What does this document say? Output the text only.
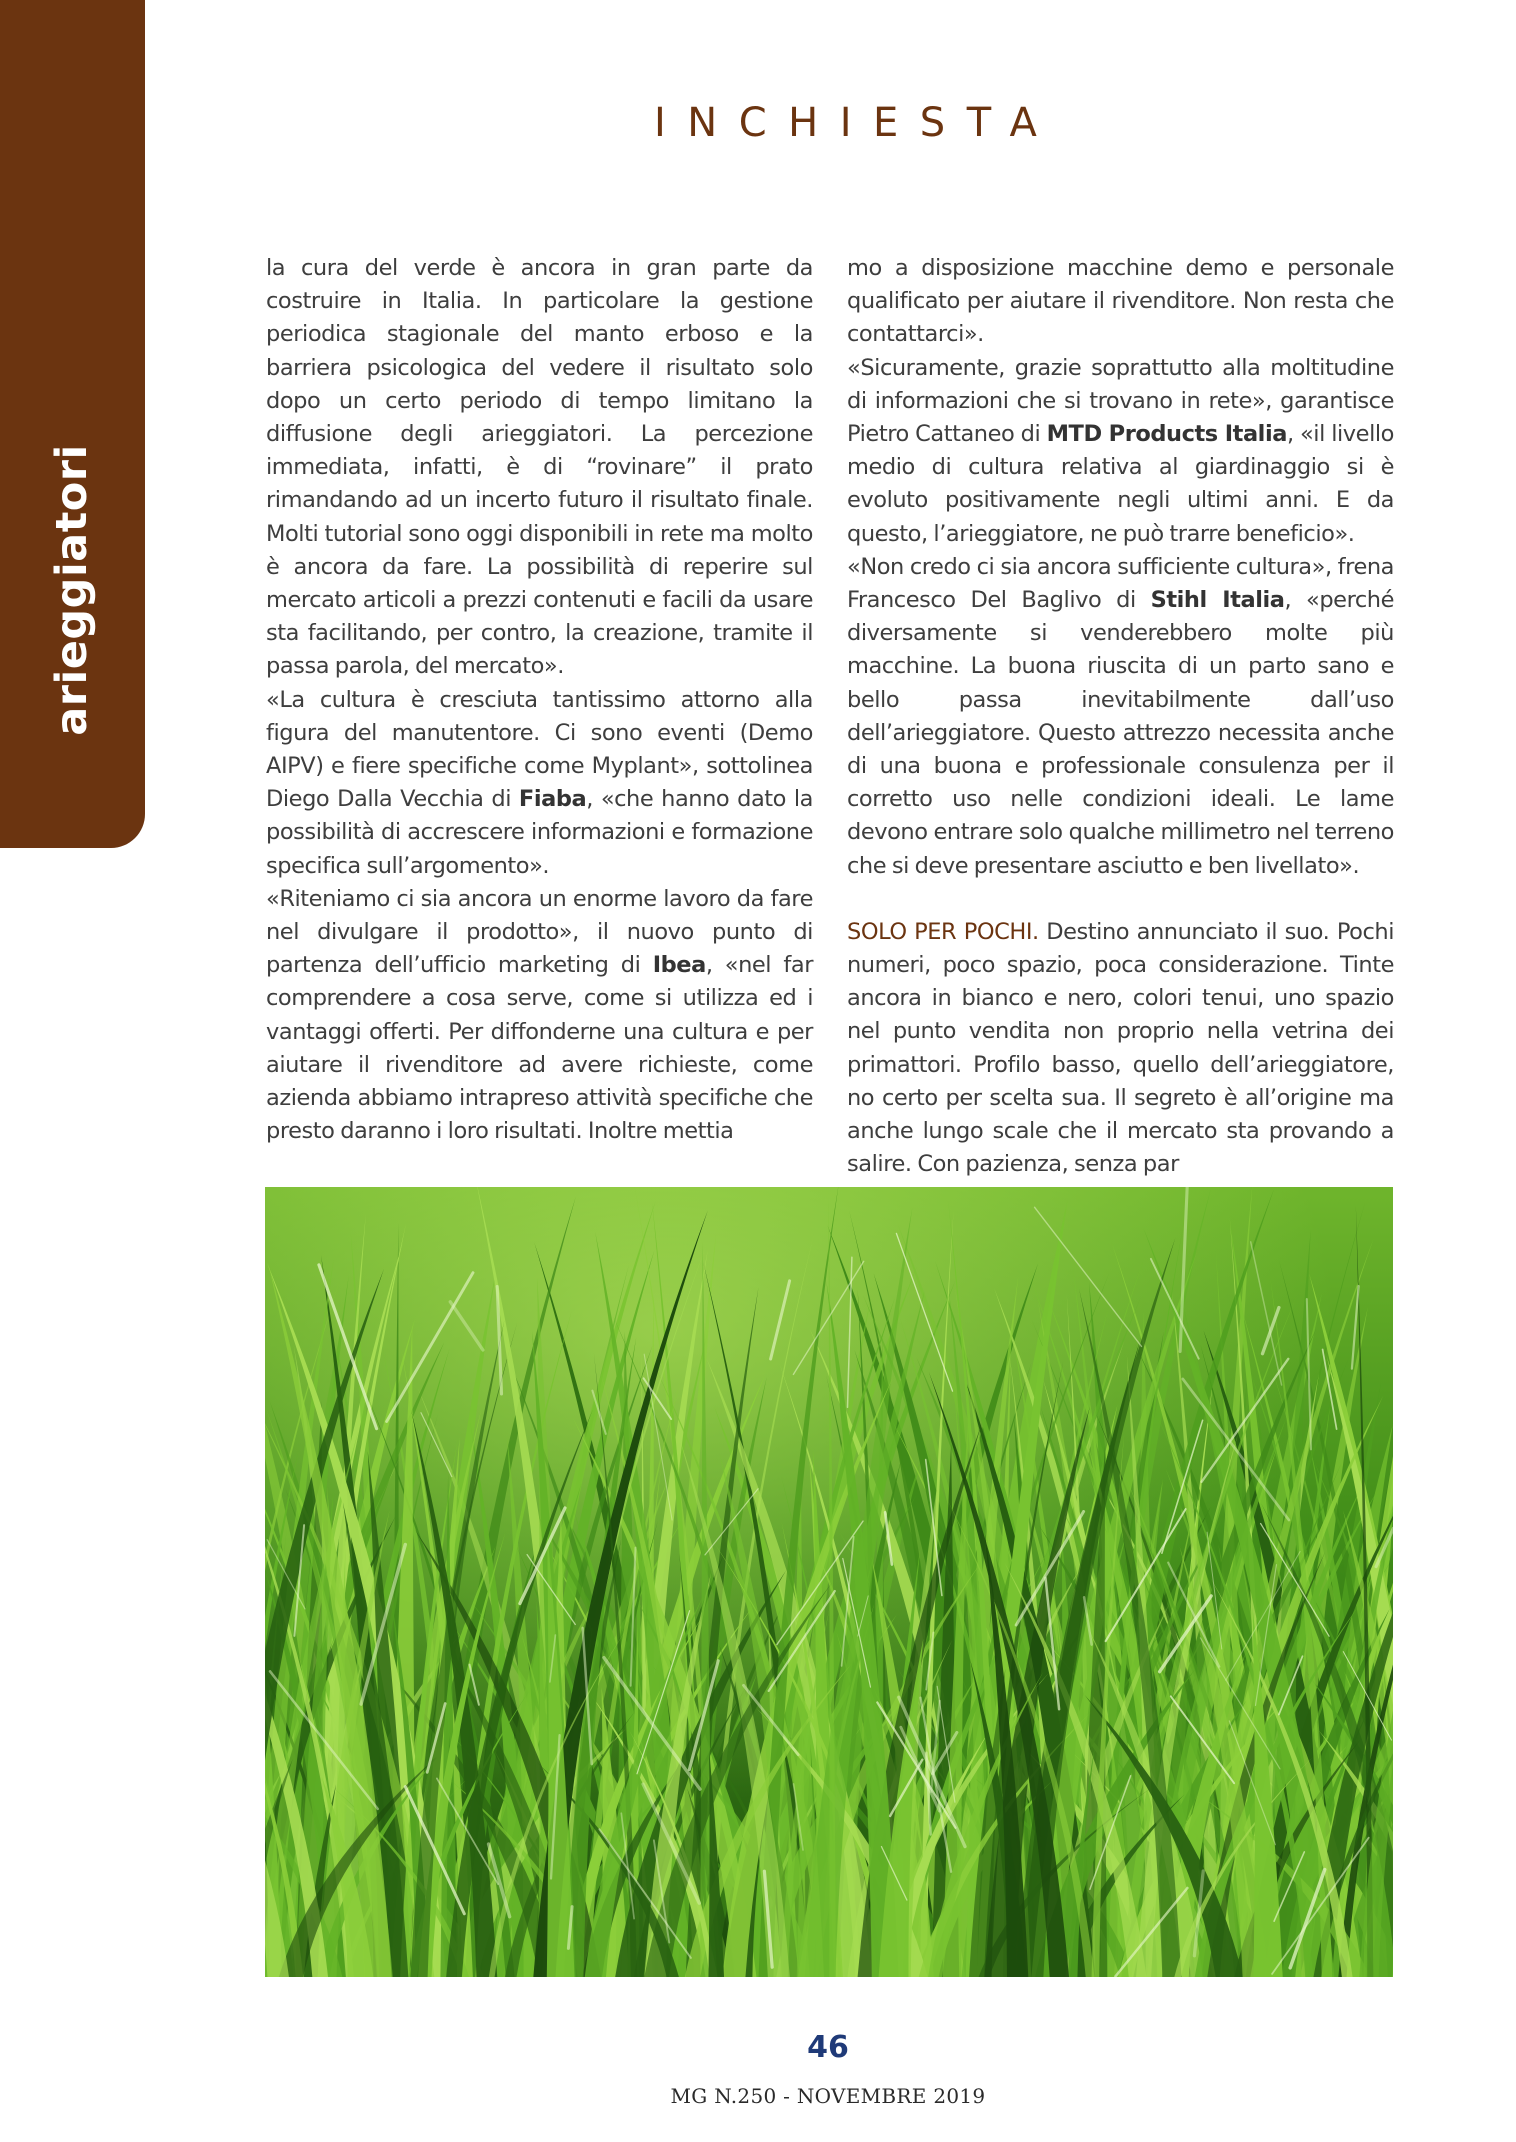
arieggiatori
INCHIESTA

la cura del verde è ancora in gran parte da costruire in Italia. In particolare la gestione periodica stagionale del manto erboso e la barriera psicologica del vedere il risultato solo dopo un certo periodo di tempo limitano la diffusione degli arieggiatori. La percezione immediata, infatti, è di “rovinare” il prato rimandando ad un incerto futuro il risultato finale. Molti tutorial sono oggi disponibili in rete ma molto è ancora da fare. La possibilità di reperire sul mercato articoli a prezzi contenuti e facili da usare sta facilitando, per contro, la creazione, tramite il passa parola, del mercato».

«La cultura è cresciuta tantissimo attorno alla figura del manutentore. Ci sono eventi (Demo AIPV) e fiere specifiche come Myplant», sottolinea Diego Dalla Vecchia di Fiaba, «che hanno dato la possibilità di accrescere informazioni e formazione specifica sull’argomento».

«Riteniamo ci sia ancora un enorme lavoro da fare nel divulgare il prodotto», il nuovo punto di partenza dell’ufficio marketing di Ibea, «nel far comprendere a cosa serve, come si utilizza ed i vantaggi offerti. Per diffonderne una cultura e per aiutare il rivenditore ad avere richieste, come azienda abbiamo intrapreso attività specifiche che presto daranno i loro risultati. Inoltre mettia

mo a disposizione macchine demo e personale qualificato per aiutare il rivenditore. Non resta che contattarci».

«Sicuramente, grazie soprattutto alla moltitudine di informazioni che si trovano in rete», garantisce Pietro Cattaneo di MTD Products Italia, «il livello medio di cultura relativa al giardinaggio si è evoluto positivamente negli ultimi anni. E da questo, l’arieggiatore, ne può trarre beneficio».

«Non credo ci sia ancora sufficiente cultura», frena Francesco Del Baglivo di Stihl Italia, «perché diversamente si venderebbero molte più macchine. La buona riuscita di un parto sano e bello passa inevitabilmente dall’uso dell’arieggiatore. Questo attrezzo necessita anche di una buona e professionale consulenza per il corretto uso nelle condizioni ideali. Le lame devono entrare solo qualche millimetro nel terreno che si deve presentare asciutto e ben livellato».

SOLO PER POCHI. Destino annunciato il suo. Pochi numeri, poco spazio, poca considerazione. Tinte ancora in bianco e nero, colori tenui, uno spazio nel punto vendita non proprio nella vetrina dei primattori. Profilo basso, quello dell’arieggiatore, no certo per scelta sua. Il segreto è all’origine ma anche lungo scale che il mercato sta provando a salire. Con pazienza, senza par

46
MG N.250 - NOVEMBRE 2019
